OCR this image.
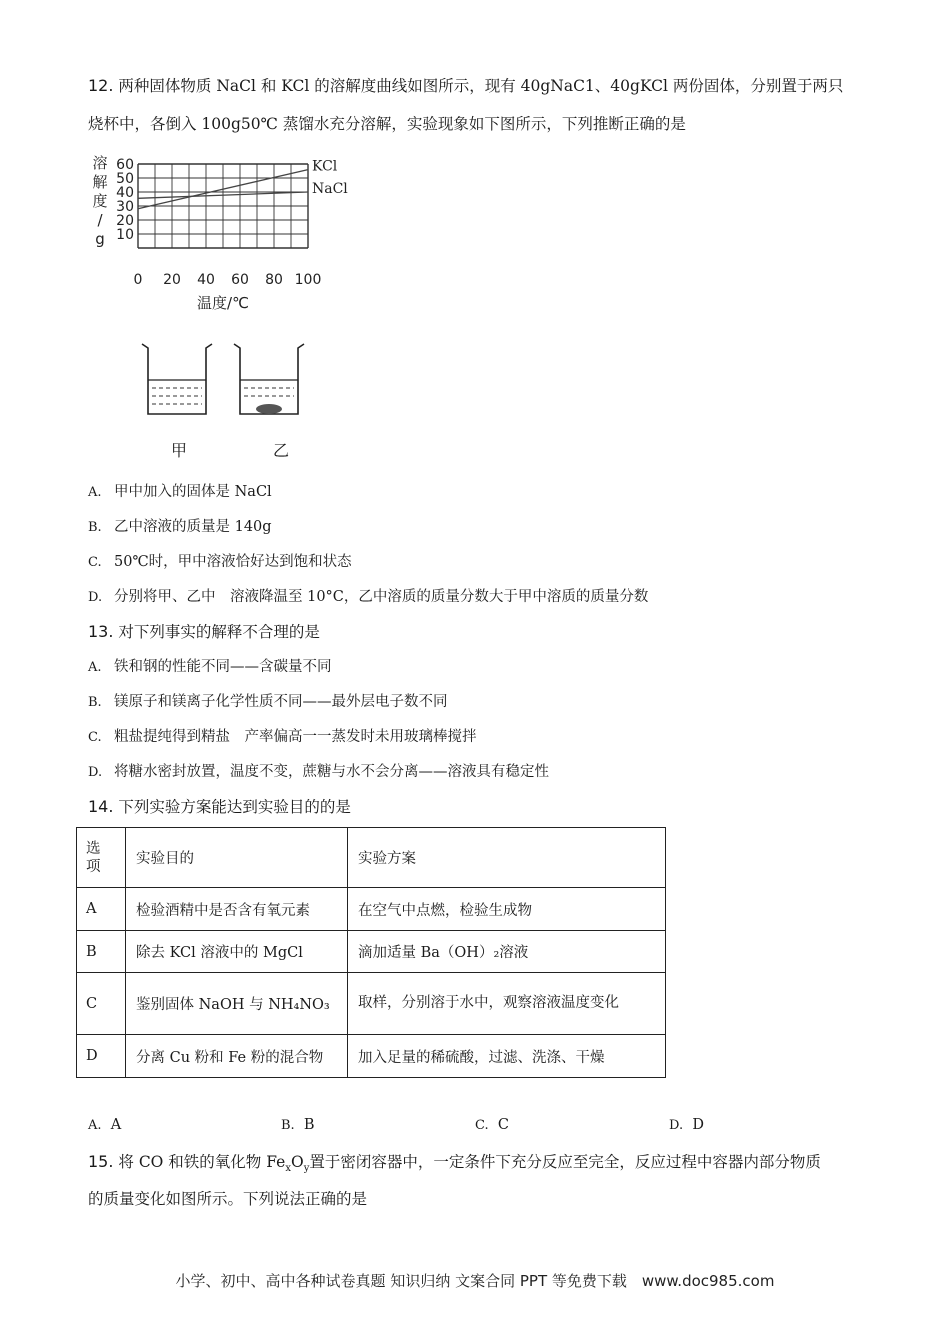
12. 两种固体物质 NaCl 和 KCl 的溶解度曲线如图所示，现有 40gNaC1、40gKCl 两份固体，分别置于两只
烧杯中，各倒入 100g50℃ 蒸馏水充分溶解，实验现象如下图所示，下列推断正确的是
0 20 40 60 80 100
10
20
30
40
50
60	KCl
NaCl
溶
解
度
/
g
温度/℃
甲	乙
A. 甲中加入的固体是 NaCl
B. 乙中溶液的质量是 140g
C. 50℃时，甲中溶液恰好达到饱和状态
D. 分别将甲、乙中　溶液降温至 10°C，乙中溶质的质量分数大于甲中溶质的质量分数
13. 对下列事实的解释不合理的是
A. 铁和钢的性能不同——含碳量不同
B. 镁原子和镁离子化学性质不同——最外层电子数不同
C. 粗盐提纯得到精盐　产率偏高一一蒸发时未用玻璃棒搅拌
D. 将糖水密封放置，温度不变，蔗糖与水不会分离——溶液具有稳定性
14. 下列实验方案能达到实验目的的是
选项	实验目的	实验方案
A	检验酒精中是否含有氧元素	在空气中点燃，检验生成物
B	除去 KCl 溶液中的 MgCl	滴加适量 Ba（OH）₂溶液
C	鉴别固体 NaOH 与 NH₄NO₃	取样，分别溶于水中，观察溶液温度变化
D	分离 Cu 粉和 Fe 粉的混合物	加入足量的稀硫酸，过滤、洗涤、干燥
A. A	B. B	C. C	D. D
15. 将 CO 和铁的氧化物 $Fe_xO_y$置于密闭容器中，一定条件下充分反应至完全，反应过程中容器内部分物质
的质量变化如图所示。下列说法正确的是
小学、初中、高中各种试卷真题 知识归纳 文案合同 PPT 等免费下载　www.doc985.com
